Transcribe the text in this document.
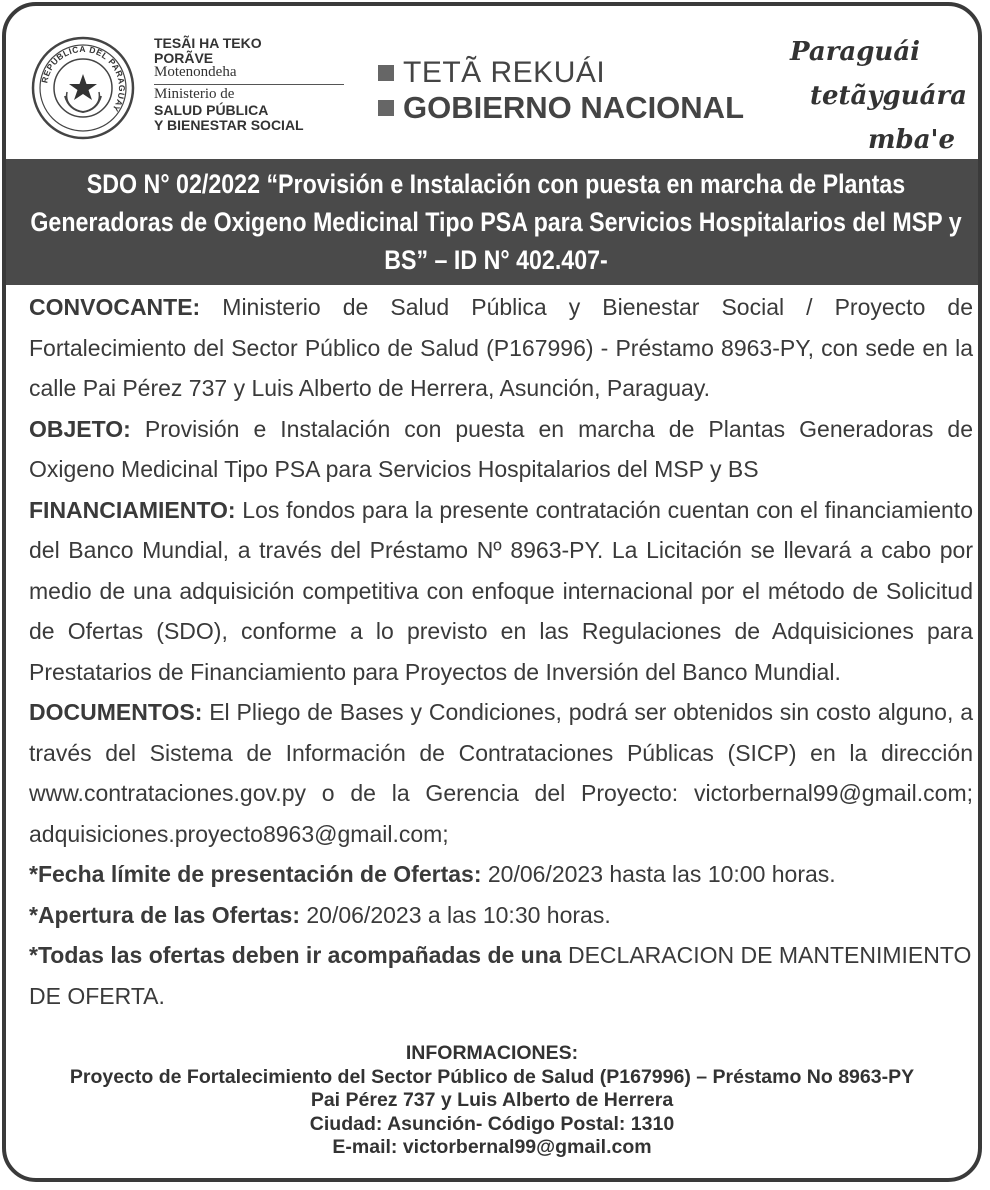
REPÚBLICA DEL PARAGUAY
TESÃI HA TEKO
PORÃVE
Motenondeha
Ministerio de
SALUD PÚBLICA
Y BIENESTAR SOCIAL
TETÃ REKUÁI
GOBIERNO NACIONAL
Paraguái
tetãyguára
mba'e
SDO N° 02/2022 “Provisión e Instalación con puesta en marcha de Plantas Generadoras de Oxigeno Medicinal Tipo PSA para Servicios Hospitalarios del MSP y BS” – ID N° 402.407-

CONVOCANTE: Ministerio de Salud Pública y Bienestar Social / Proyecto de Fortalecimiento del Sector Público de Salud (P167996) - Préstamo 8963-PY, con sede en la calle Pai Pérez 737 y Luis Alberto de Herrera, Asunción, Paraguay.

OBJETO: Provisión e Instalación con puesta en marcha de Plantas Generadoras de Oxigeno Medicinal Tipo PSA para Servicios Hospitalarios del MSP y BS

FINANCIAMIENTO: Los fondos para la presente contratación cuentan con el financiamiento del Banco Mundial, a través del Préstamo Nº 8963-PY. La Licitación se llevará a cabo por medio de una adquisición competitiva con enfoque internacional por el método de Solicitud de Ofertas (SDO), conforme a lo previsto en las Regulaciones de Adquisiciones para Prestatarios de Financiamiento para Proyectos de Inversión del Banco Mundial.

DOCUMENTOS: El Pliego de Bases y Condiciones, podrá ser obtenidos sin costo alguno, a través del Sistema de Información de Contrataciones Públicas (SICP) en la dirección www.contrataciones.gov.py o de la Gerencia del Proyecto: victorbernal99@gmail.com; adquisiciones.proyecto8963@gmail.com;

*Fecha límite de presentación de Ofertas: 20/06/2023 hasta las 10:00 horas.

*Apertura de las Ofertas: 20/06/2023 a las 10:30 horas.

*Todas las ofertas deben ir acompañadas de una DECLARACION DE MANTENIMIENTO DE OFERTA.

INFORMACIONES:
Proyecto de Fortalecimiento del Sector Público de Salud (P167996) – Préstamo No 8963-PY
Pai Pérez 737 y Luis Alberto de Herrera
Ciudad: Asunción- Código Postal: 1310
E-mail: victorbernal99@gmail.com
